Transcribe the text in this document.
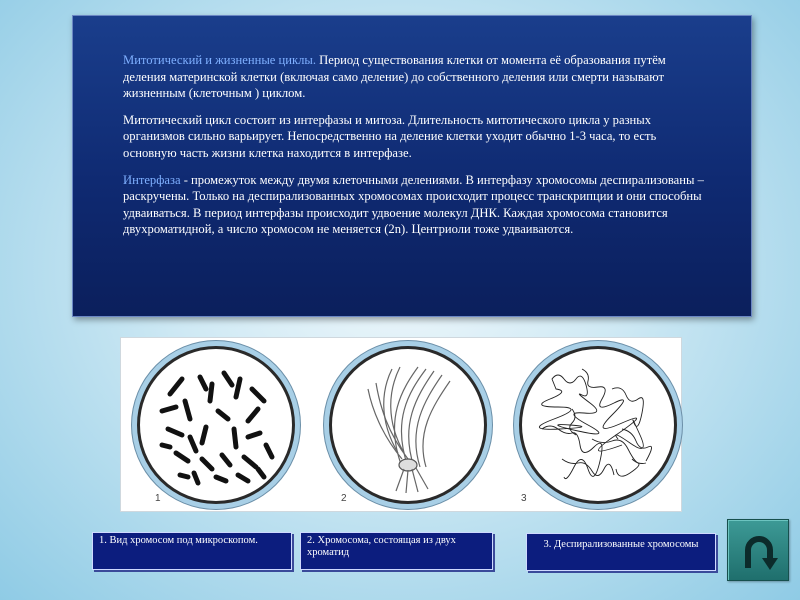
Митотический и жизненные циклы. Период существования клетки от момента её образования путём деления материнской клетки (включая само деление) до собственного деления или смерти называют жизненным (клеточным ) циклом.

Митотический цикл состоит из интерфазы и митоза. Длительность митотического цикла у разных организмов сильно варьирует. Непосредственно на деление клетки уходит обычно 1-3 часа, то есть основную часть жизни клетка находится в интерфазе.

Интерфаза - промежуток между двумя клеточными делениями. В интерфазу хромосомы деспирализованы – раскручены. Только на деспирализованных хромосомах происходит процесс транскрипции и они способны удваиваться. В период интерфазы происходит удвоение молекул ДНК. Каждая хромосома становится двухроматидной, а число хромосом не меняется (2n). Центриоли тоже удваиваются.

1	2	3
1. Вид хромосом под микроскопом.	2. Хромосома, состоящая из двух хроматид
3. Деспирализованные хромосомы
